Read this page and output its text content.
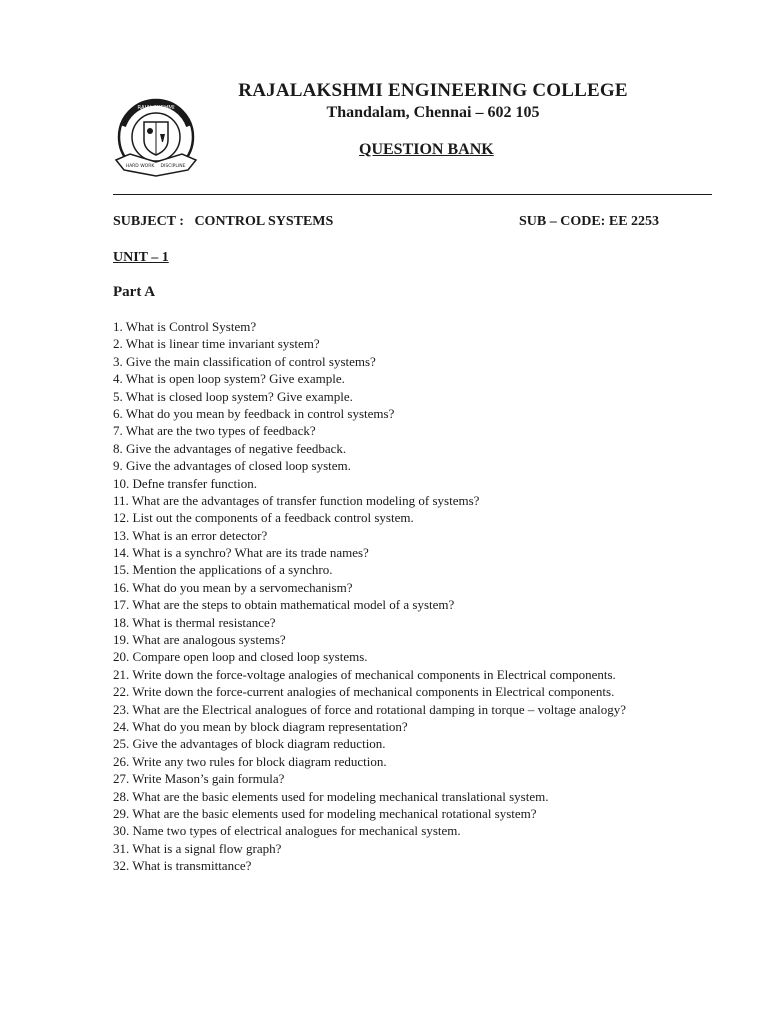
RAJALAKSHMI
HARD WORK DISCIPLINE
RAJALAKSHMI ENGINEERING COLLEGE
Thandalam, Chennai – 602 105
QUESTION BANK
SUBJECT : CONTROL SYSTEMS	SUB – CODE: EE 2253
UNIT – 1
Part A
1. What is Control System?
2. What is linear time invariant system?
3. Give the main classification of control systems?
4. What is open loop system? Give example.
5. What is closed loop system? Give example.
6. What do you mean by feedback in control systems?
7. What are the two types of feedback?
8. Give the advantages of negative feedback.
9. Give the advantages of closed loop system.
10. Defne transfer function.
11. What are the advantages of transfer function modeling of systems?
12. List out the components of a feedback control system.
13. What is an error detector?
14. What is a synchro? What are its trade names?
15. Mention the applications of a synchro.
16. What do you mean by a servomechanism?
17. What are the steps to obtain mathematical model of a system?
18. What is thermal resistance?
19. What are analogous systems?
20. Compare open loop and closed loop systems.
21. Write down the force-voltage analogies of mechanical components in Electrical components.
22. Write down the force-current analogies of mechanical components in Electrical components.
23. What are the Electrical analogues of force and rotational damping in torque – voltage analogy?
24. What do you mean by block diagram representation?
25. Give the advantages of block diagram reduction.
26. Write any two rules for block diagram reduction.
27. Write Mason’s gain formula?
28. What are the basic elements used for modeling mechanical translational system.
29. What are the basic elements used for modeling mechanical rotational system?
30. Name two types of electrical analogues for mechanical system.
31. What is a signal flow graph?
32. What is transmittance?
